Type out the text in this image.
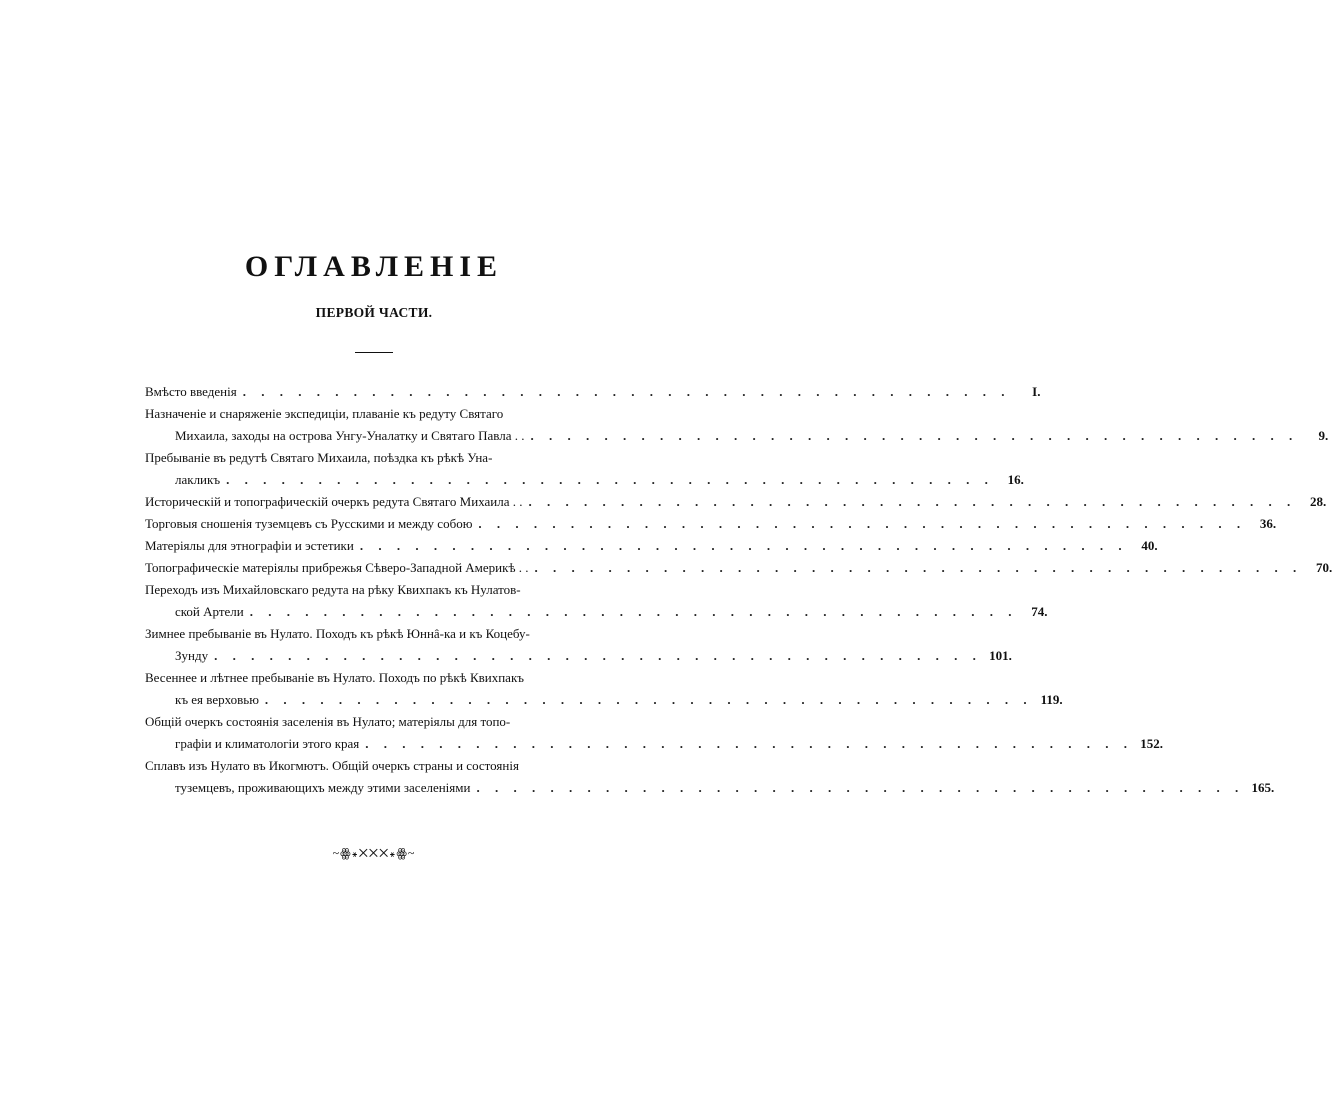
ОГЛАВЛЕНІЕ

ПЕРВОЙ ЧАСТИ.

Вмѣсто введенія . . . . . . . . . . . . . . . . . . . . . . . . . . . . . . . . . . . . . . . . . .	I.
Назначеніе и снаряженіе экспедиціи, плаваніе къ редуту Святаго
Михаила, заходы на острова Унгу-Уналатку и Святаго Павла . . . . . . . . . . . . . . . . . . . . . . . . . . . . . . . . . . . . . . . . . . . .	9.
Пребываніе въ редутѣ Святаго Михаила, поѣздка къ рѣкѣ Уна-
лакликъ . . . . . . . . . . . . . . . . . . . . . . . . . . . . . . . . . . . . . . . . . .	16.
Историческій и топографическій очеркъ редута Святаго Михаила . . . . . . . . . . . . . . . . . . . . . . . . . . . . . . . . . . . . . . . . . . . .	28.
Торговыя сношенія туземцевъ съ Русскими и между собою . . . . . . . . . . . . . . . . . . . . . . . . . . . . . . . . . . . . . . . . . .	36.
Матеріялы для этнографіи и эстетики . . . . . . . . . . . . . . . . . . . . . . . . . . . . . . . . . . . . . . . . . .	40.
Топографическіе матеріялы прибрежья Сѣверо-Западной Америкѣ . . . . . . . . . . . . . . . . . . . . . . . . . . . . . . . . . . . . . . . . . . . .	70.
Переходъ изъ Михайловскаго редута на рѣку Квихпакъ къ Нулатов-
ской Артели . . . . . . . . . . . . . . . . . . . . . . . . . . . . . . . . . . . . . . . . . .	74.
Зимнее пребываніе въ Нулато. Походъ къ рѣкѣ Юннâ-ка и къ Коцебу-
Зунду . . . . . . . . . . . . . . . . . . . . . . . . . . . . . . . . . . . . . . . . . . 101.
Весеннее и лѣтнее пребываніе въ Нулато. Походъ по рѣкѣ Квихпакъ
къ ея верховью . . . . . . . . . . . . . . . . . . . . . . . . . . . . . . . . . . . . . . . . . . 119.
Общій очеркъ состоянія заселенія въ Нулато; матеріялы для топо-
графіи и климатологіи этого края . . . . . . . . . . . . . . . . . . . . . . . . . . . . . . . . . . . . . . . . . . 152.
Сплавъ изъ Нулато въ Икогмютъ. Общій очеркъ страны и состоянія
туземцевъ, проживающихъ между этими заселеніями . . . . . . . . . . . . . . . . . . . . . . . . . . . . . . . . . . . . . . . . . . 165.
~ꙮ꘎✕✕✕꘎ꙮ~
